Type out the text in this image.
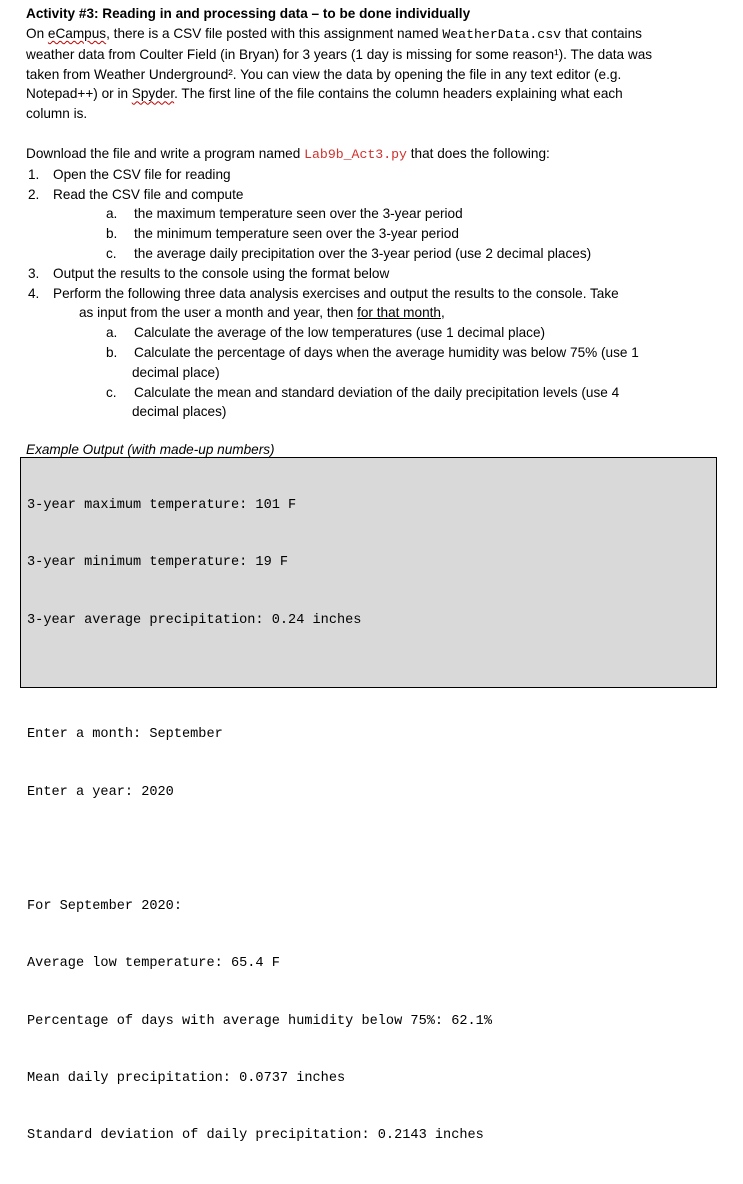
Activity #3: Reading in and processing data – to be done individually
On eCampus, there is a CSV file posted with this assignment named WeatherData.csv that contains
weather data from Coulter Field (in Bryan) for 3 years (1 day is missing for some reason¹). The data was
taken from Weather Underground². You can view the data by opening the file in any text editor (e.g.
Notepad++) or in Spyder. The first line of the file contains the column headers explaining what each
column is.
Download the file and write a program named Lab9b_Act3.py that does the following:
1.	Open the CSV file for reading
2.	Read the CSV file and compute
a.	the maximum temperature seen over the 3-year period
b.	the minimum temperature seen over the 3-year period
c.	the average daily precipitation over the 3-year period (use 2 decimal places)
3.	Output the results to the console using the format below
4.	Perform the following three data analysis exercises and output the results to the console. Take
as input from the user a month and year, then for that month,
a.	Calculate the average of the low temperatures (use 1 decimal place)
b.	Calculate the percentage of days when the average humidity was below 75% (use 1
decimal place)
c.	Calculate the mean and standard deviation of the daily precipitation levels (use 4
decimal places)
Example Output (with made-up numbers)

3-year maximum temperature: 101 F

3-year minimum temperature: 19 F

3-year average precipitation: 0.24 inches

Enter a month: September

Enter a year: 2020

For September 2020:

Average low temperature: 65.4 F

Percentage of days with average humidity below 75%: 62.1%

Mean daily precipitation: 0.0737 inches

Standard deviation of daily precipitation: 0.2143 inches
